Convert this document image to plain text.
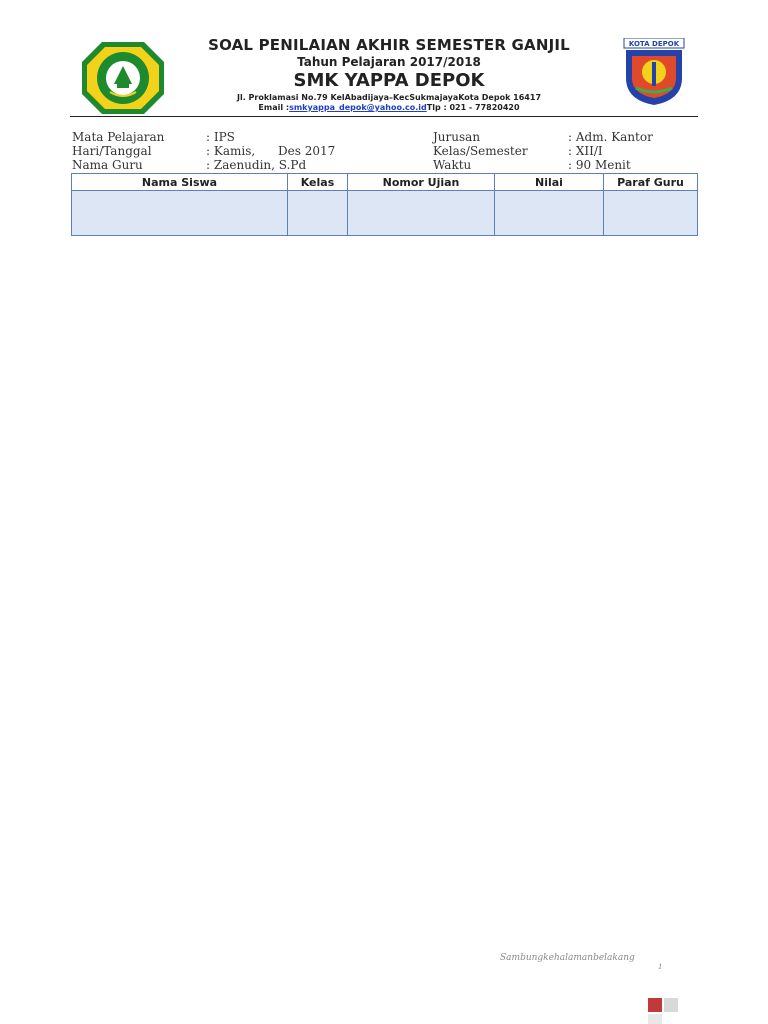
SOAL PENILAIAN AKHIR SEMESTER GANJIL
Tahun Pelajaran 2017/2018
SMK YAPPA DEPOK
Jl. Proklamasi No.79 KelAbadijaya–KecSukmajayaKota Depok 16417
Email :smkyappa_depok@yahoo.co.idTlp : 021 - 77820420
KOTA DEPOK
Mata Pelajaran	: IPS	Jurusan	: Adm. Kantor
Hari/Tanggal	: Kamis,      Des 2017	Kelas/Semester	: XII/I
Nama Guru	: Zaenudin, S.Pd	Waktu	: 90 Menit
Nama Siswa	Kelas	Nomor Ujian	Nilai	Paraf Guru

Sambungkehalamanbelakang
1
